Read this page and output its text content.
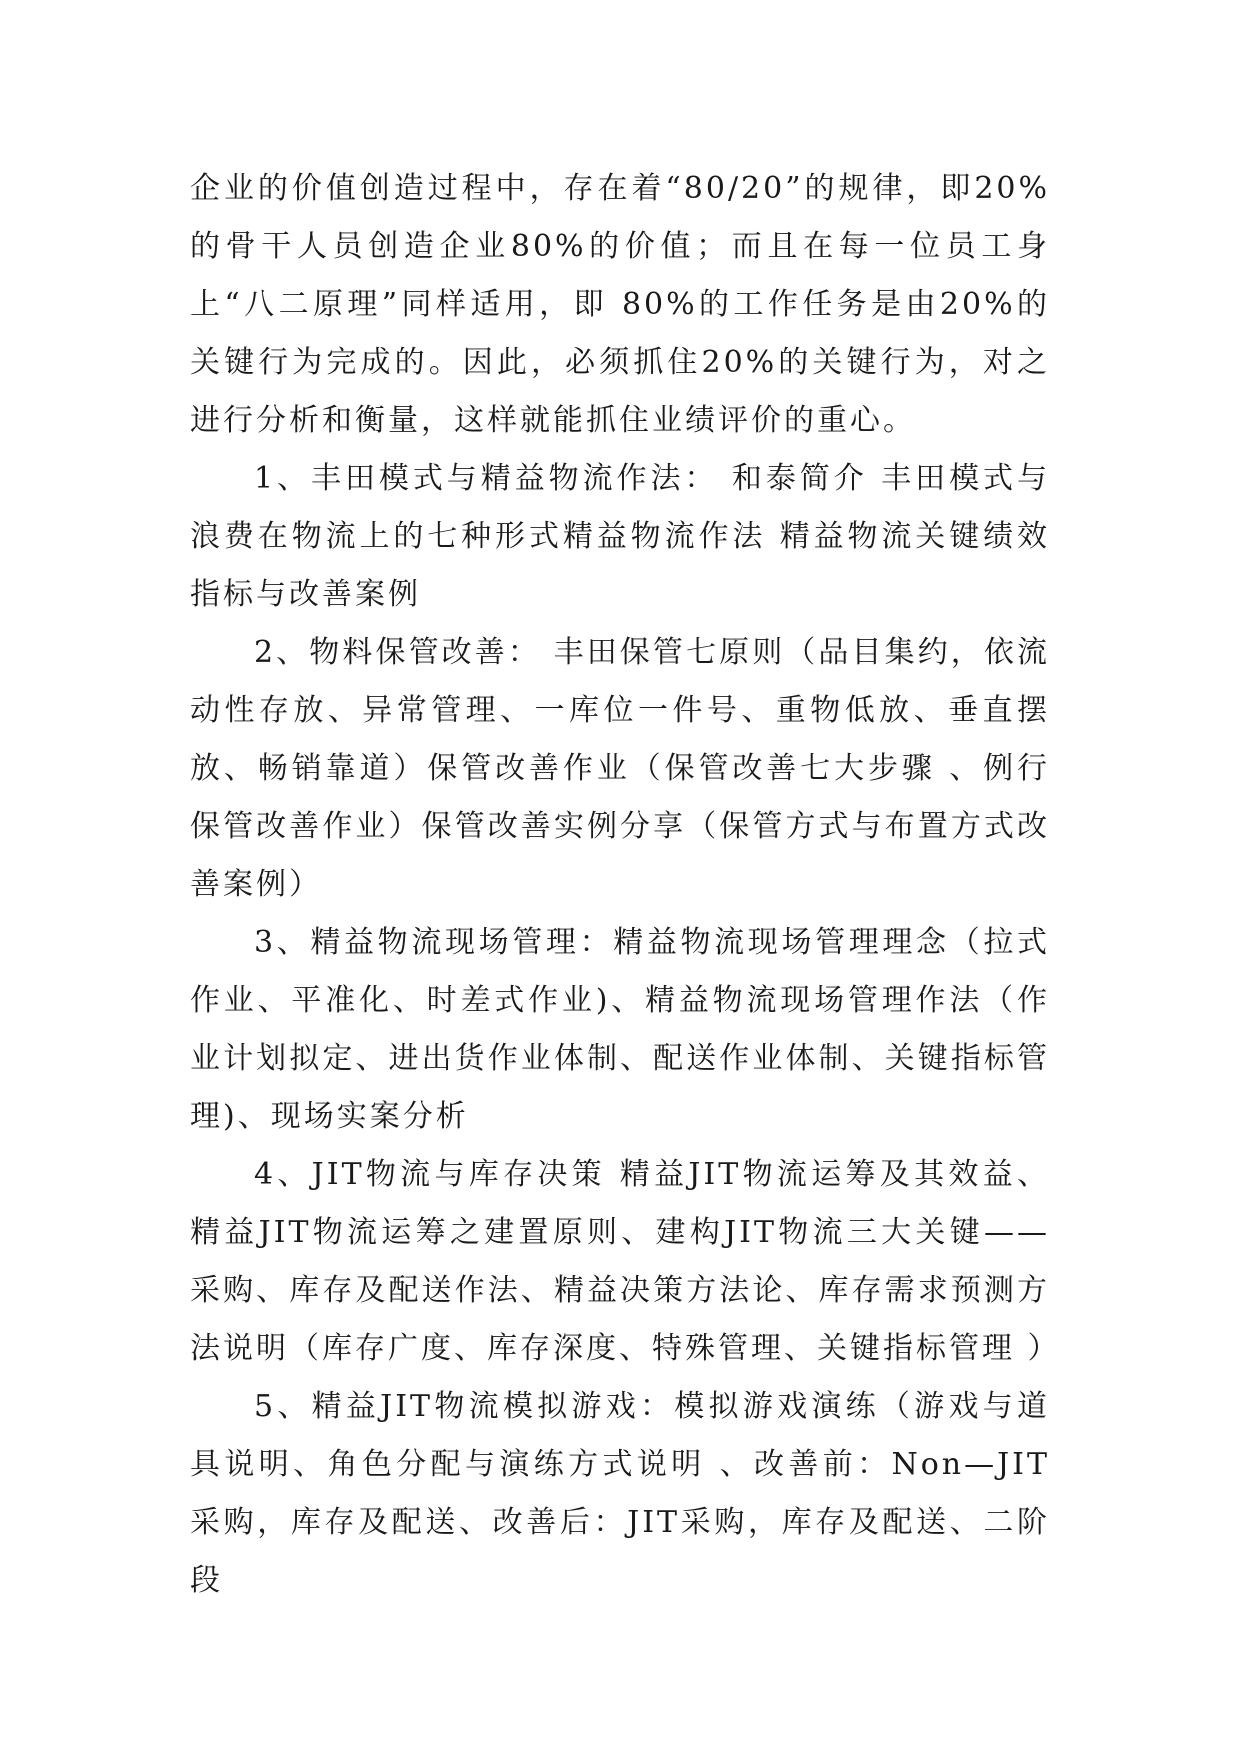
企业的价值创造过程中，存在着“80/20”的规律，即20%的骨干人员创造企业80%的价值；而且在每一位员工身上“八二原理”同样适用，即 80%的工作任务是由20%的关键行为完成的。因此，必须抓住20%的关键行为，对之进行分析和衡量，这样就能抓住业绩评价的重心。

1、丰田模式与精益物流作法： 和泰简介 丰田模式与浪费在物流上的七种形式精益物流作法 精益物流关键绩效指标与改善案例

2、物料保管改善： 丰田保管七原则（品目集约，依流动性存放、异常管理、一库位一件号、重物低放、垂直摆放、畅销靠道）保管改善作业（保管改善七大步骤 、例行保管改善作业）保管改善实例分享（保管方式与布置方式改善案例）

3、精益物流现场管理：精益物流现场管理理念（拉式作业、平准化、时差式作业)、精益物流现场管理作法（作业计划拟定、进出货作业体制、配送作业体制、关键指标管理)、现场实案分析

4、JIT物流与库存决策 精益JIT物流运筹及其效益、精益JIT物流运筹之建置原则、建构JIT物流三大关键——采购、库存及配送作法、精益决策方法论、库存需求预测方法说明（库存广度、库存深度、特殊管理、关键指标管理 ）

5、精益JIT物流模拟游戏：模拟游戏演练（游戏与道具说明、角色分配与演练方式说明 、改善前：Non—JIT采购，库存及配送、改善后：JIT采购，库存及配送、二阶段
